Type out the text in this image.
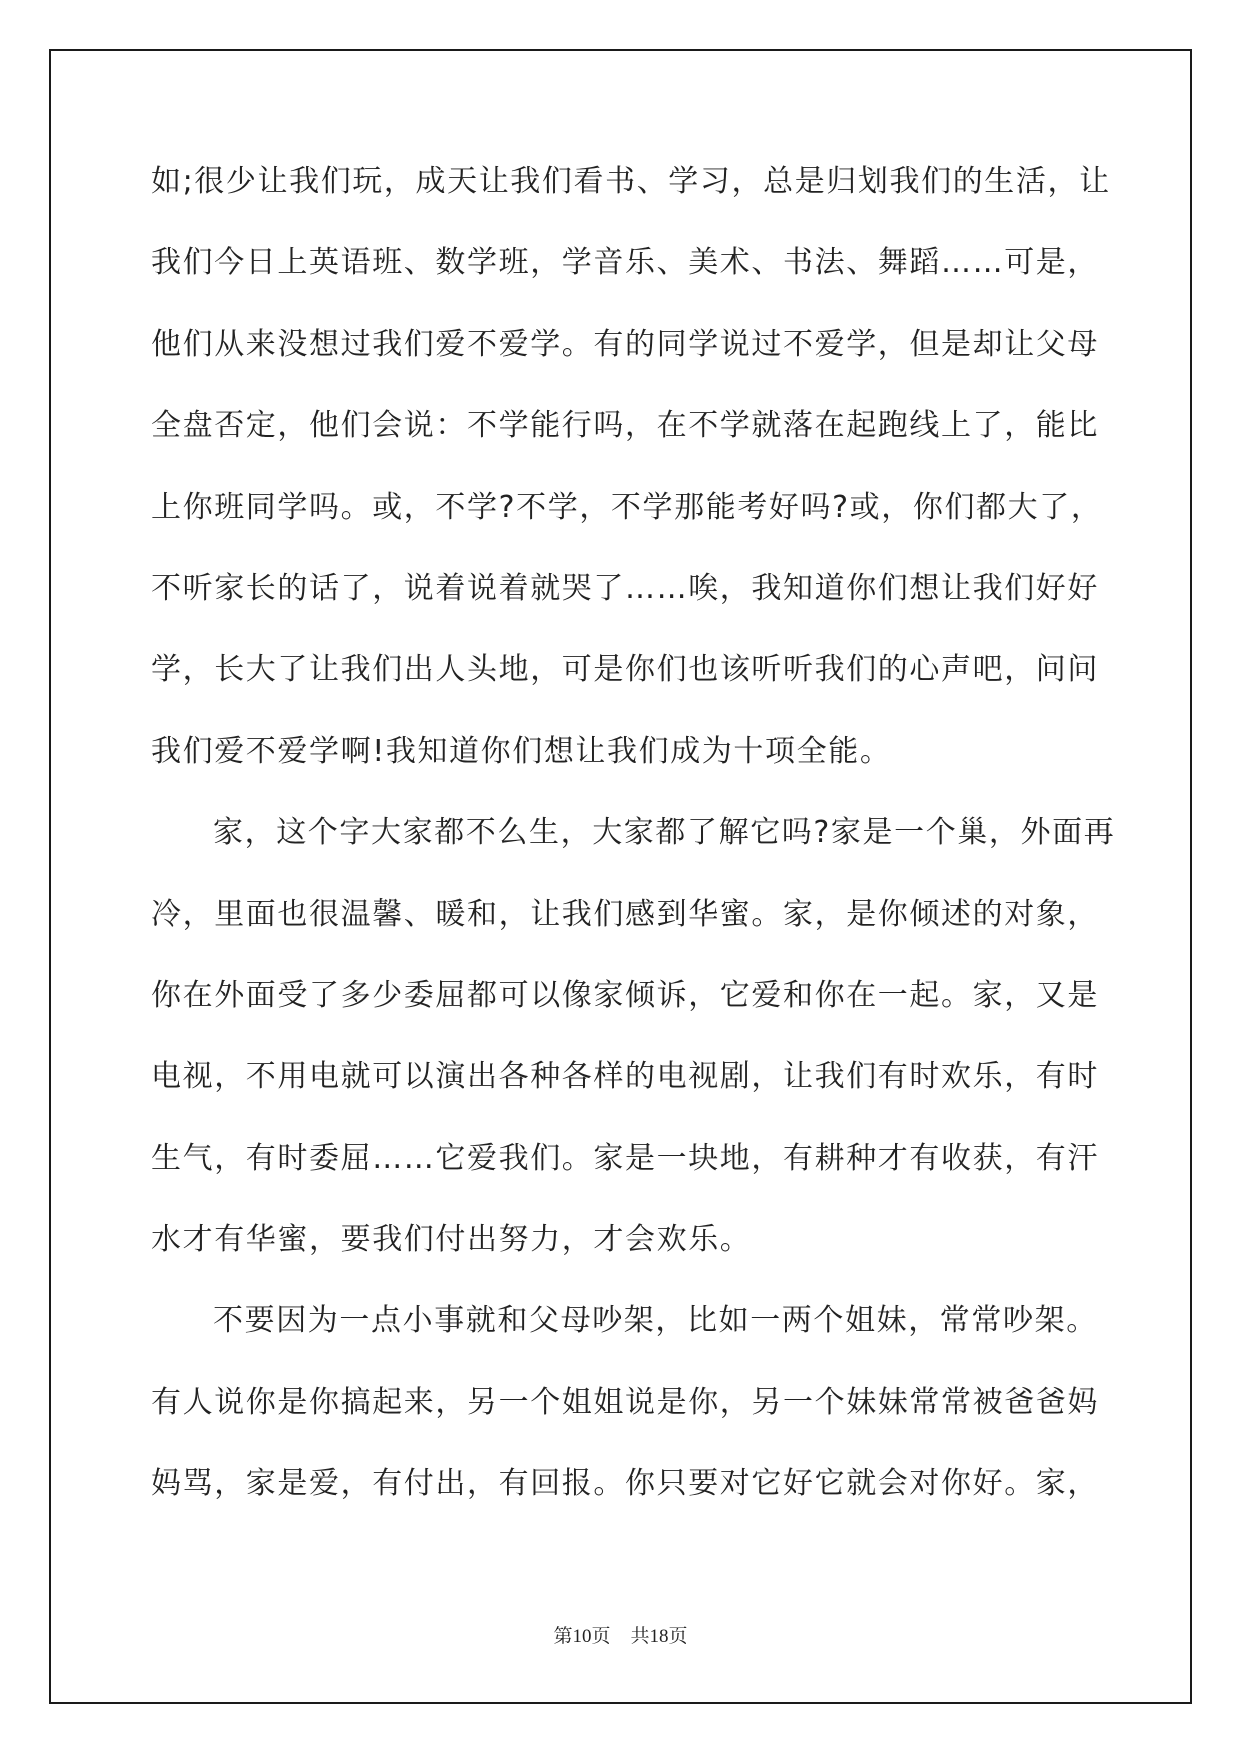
如;很少让我们玩，成天让我们看书、学习，总是归划我们的生活，让
我们今日上英语班、数学班，学音乐、美术、书法、舞蹈……可是，
他们从来没想过我们爱不爱学。有的同学说过不爱学，但是却让父母
全盘否定，他们会说：不学能行吗，在不学就落在起跑线上了，能比
上你班同学吗。或，不学?不学，不学那能考好吗?或，你们都大了，
不听家长的话了，说着说着就哭了……唉，我知道你们想让我们好好
学，长大了让我们出人头地，可是你们也该听听我们的心声吧，问问
我们爱不爱学啊!我知道你们想让我们成为十项全能。
家，这个字大家都不么生，大家都了解它吗?家是一个巢，外面再
冷，里面也很温馨、暖和，让我们感到华蜜。家，是你倾述的对象，
你在外面受了多少委屈都可以像家倾诉，它爱和你在一起。家，又是
电视，不用电就可以演出各种各样的电视剧，让我们有时欢乐，有时
生气，有时委屈……它爱我们。家是一块地，有耕种才有收获，有汗
水才有华蜜，要我们付出努力，才会欢乐。
不要因为一点小事就和父母吵架，比如一两个姐妹，常常吵架。
有人说你是你搞起来，另一个姐姐说是你，另一个妹妹常常被爸爸妈
妈骂，家是爱，有付出，有回报。你只要对它好它就会对你好。家，
第10页 共18页
